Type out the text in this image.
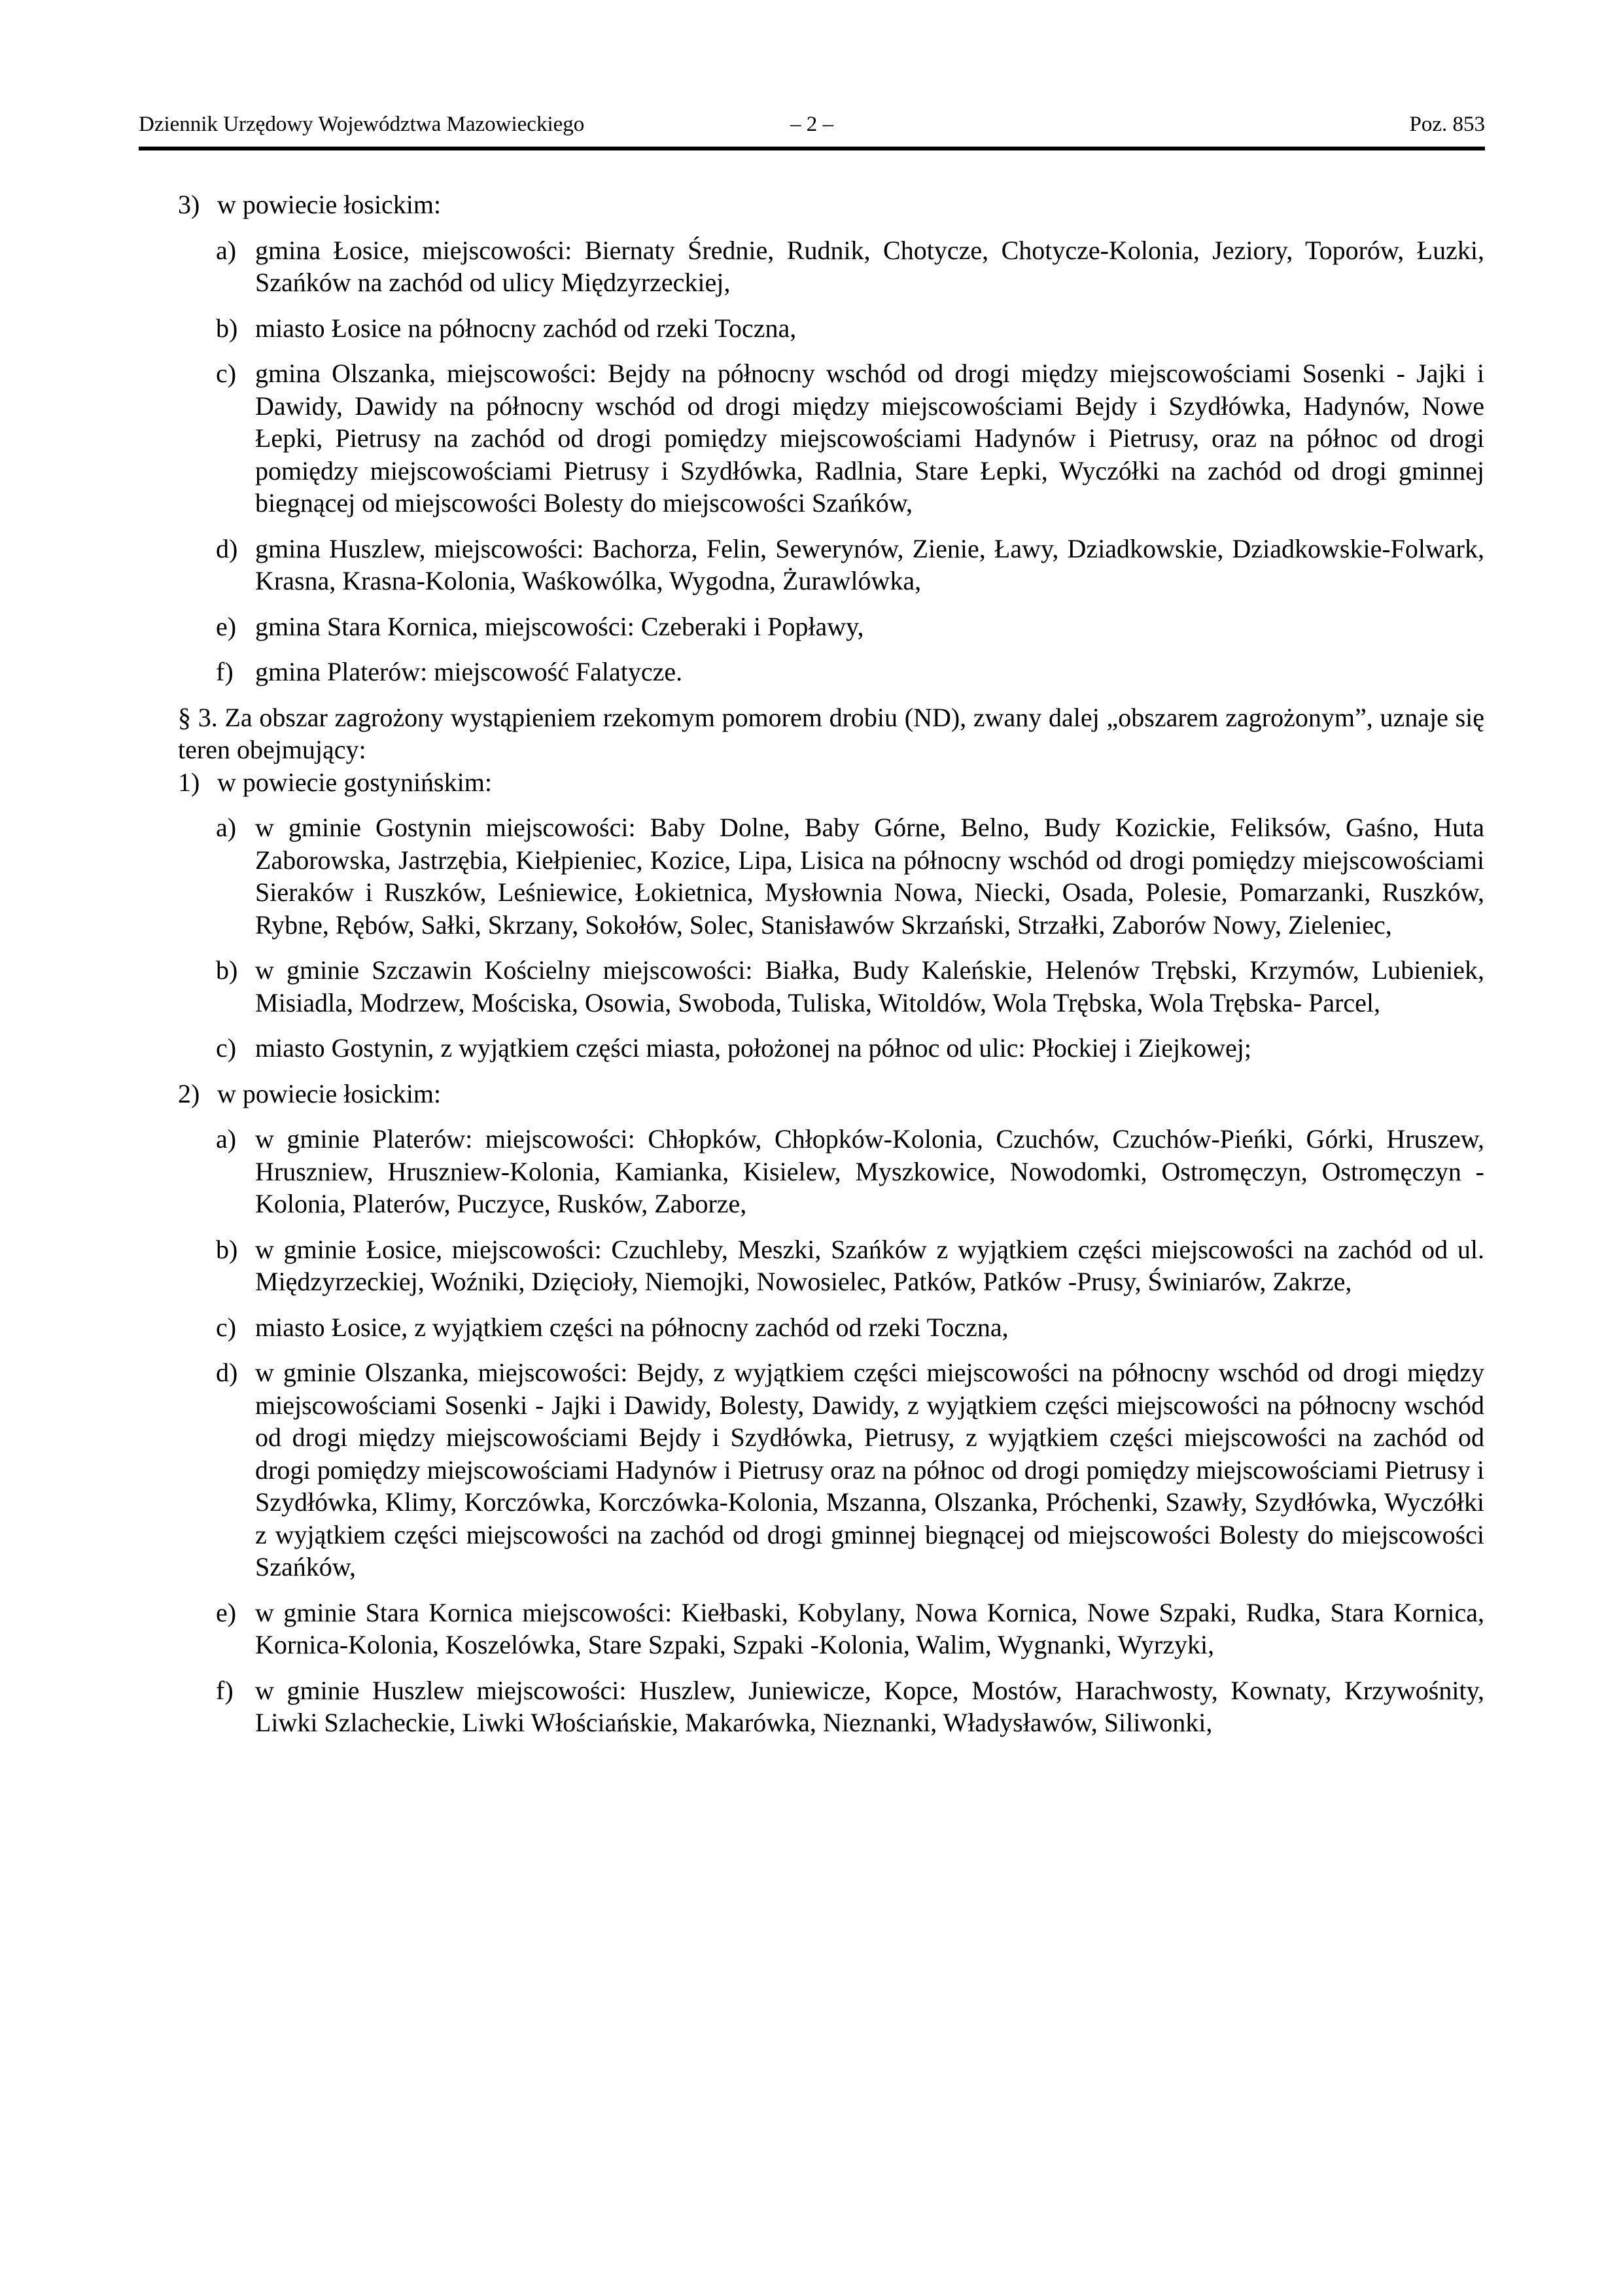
Dziennik Urzędowy Województwa Mazowieckiego	– 2 –	Poz. 853
3) w powiecie łosickim:
a) gmina Łosice, miejscowości: Biernaty Średnie, Rudnik, Chotycze, Chotycze-Kolonia, Jeziory, Toporów, Łuzki, Szańków na zachód od ulicy Międzyrzeckiej,

b) miasto Łosice na północny zachód od rzeki Toczna,

c) gmina Olszanka, miejscowości: Bejdy na północny wschód od drogi między miejscowościami Sosenki - Jajki i Dawidy, Dawidy na północny wschód od drogi między miejscowościami Bejdy i Szydłówka, Hadynów, Nowe Łepki, Pietrusy na zachód od drogi pomiędzy miejscowościami Hadynów i Pietrusy, oraz na północ od drogi pomiędzy miejscowościami Pietrusy i Szydłówka, Radlnia, Stare Łepki, Wyczółki na zachód od drogi gminnej biegnącej od miejscowości Bolesty do miejscowości Szańków,

d) gmina Huszlew, miejscowości: Bachorza, Felin, Sewerynów, Zienie, Ławy, Dziadkowskie, Dziadkowskie-Folwark, Krasna, Krasna-Kolonia, Waśkowólka, Wygodna, Żurawlówka,

e) gmina Stara Kornica, miejscowości: Czeberaki i Popławy,

f) gmina Platerów: miejscowość Falatycze.

§ 3. Za obszar zagrożony wystąpieniem rzekomym pomorem drobiu (ND), zwany dalej „obszarem zagrożonym”, uznaje się teren obejmujący:

1) w powiecie gostynińskim:
a) w gminie Gostynin miejscowości: Baby Dolne, Baby Górne, Belno, Budy Kozickie, Feliksów, Gaśno, Huta Zaborowska, Jastrzębia, Kiełpieniec, Kozice, Lipa, Lisica na północny wschód od drogi pomiędzy miejscowościami Sieraków i Ruszków, Leśniewice, Łokietnica, Mysłownia Nowa, Niecki, Osada, Polesie, Pomarzanki, Ruszków, Rybne, Rębów, Sałki, Skrzany, Sokołów, Solec, Stanisławów Skrzański, Strzałki, Zaborów Nowy, Zieleniec,

b) w gminie Szczawin Kościelny miejscowości: Białka, Budy Kaleńskie, Helenów Trębski, Krzymów, Lubieniek, Misiadla, Modrzew, Mościska, Osowia, Swoboda, Tuliska, Witoldów, Wola Trębska, Wola Trębska- Parcel,

c) miasto Gostynin, z wyjątkiem części miasta, położonej na północ od ulic: Płockiej i Ziejkowej;

2) w powiecie łosickim:
a) w gminie Platerów: miejscowości: Chłopków, Chłopków-Kolonia, Czuchów, Czuchów-Pieńki, Górki, Hruszew, Hruszniew, Hruszniew-Kolonia, Kamianka, Kisielew, Myszkowice, Nowodomki, Ostromęczyn, Ostromęczyn -Kolonia, Platerów, Puczyce, Rusków, Zaborze,

b) w gminie Łosice, miejscowości: Czuchleby, Meszki, Szańków z wyjątkiem części miejscowości na zachód od ul. Międzyrzeckiej, Woźniki, Dzięcioły, Niemojki, Nowosielec, Patków, Patków -Prusy, Świniarów, Zakrze,

c) miasto Łosice, z wyjątkiem części na północny zachód od rzeki Toczna,

d) w gminie Olszanka, miejscowości: Bejdy, z wyjątkiem części miejscowości na północny wschód od drogi między miejscowościami Sosenki - Jajki i Dawidy, Bolesty, Dawidy, z wyjątkiem części miejscowości na północny wschód od drogi między miejscowościami Bejdy i Szydłówka, Pietrusy, z wyjątkiem części miejscowości na zachód od drogi pomiędzy miejscowościami Hadynów i Pietrusy oraz na północ od drogi pomiędzy miejscowościami Pietrusy i Szydłówka, Klimy, Korczówka, Korczówka-Kolonia, Mszanna, Olszanka, Próchenki, Szawły, Szydłówka, Wyczółki z wyjątkiem części miejscowości na zachód od drogi gminnej biegnącej od miejscowości Bolesty do miejscowości Szańków,

e) w gminie Stara Kornica miejscowości: Kiełbaski, Kobylany, Nowa Kornica, Nowe Szpaki, Rudka, Stara Kornica, Kornica-Kolonia, Koszelówka, Stare Szpaki, Szpaki -Kolonia, Walim, Wygnanki, Wyrzyki,

f) w gminie Huszlew miejscowości: Huszlew, Juniewicze, Kopce, Mostów, Harachwosty, Kownaty, Krzywośnity, Liwki Szlacheckie, Liwki Włościańskie, Makarówka, Nieznanki, Władysławów, Siliwonki,
